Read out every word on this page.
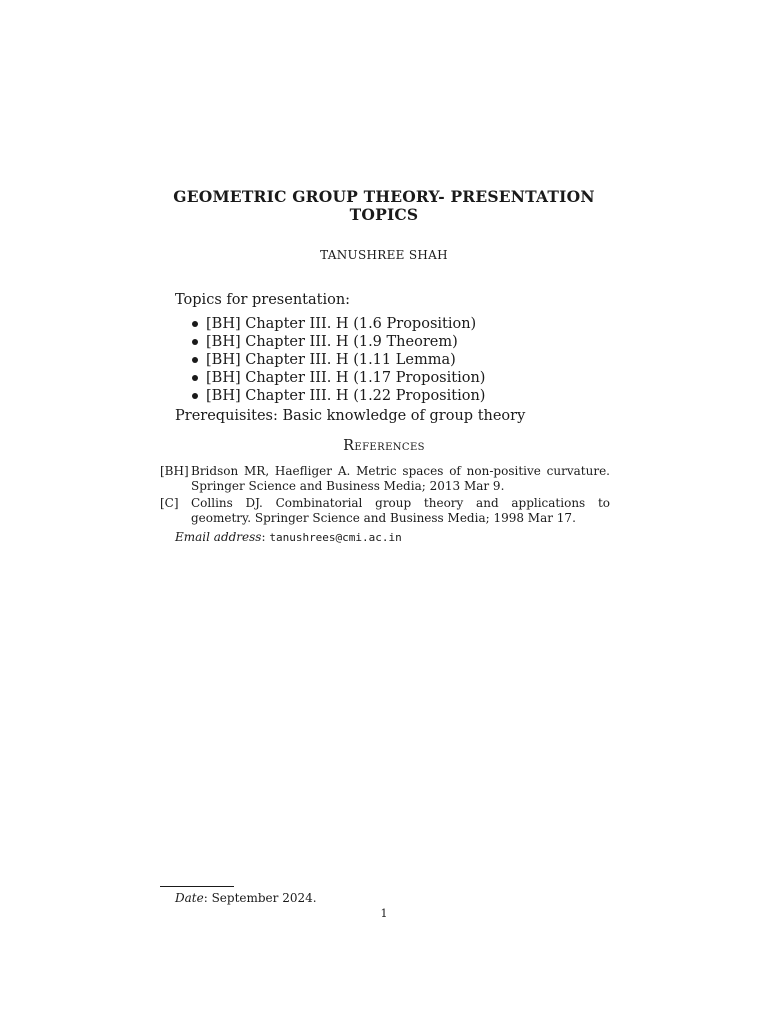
GEOMETRIC GROUP THEORY- PRESENTATION
TOPICS
TANUSHREE SHAH
Topics for presentation:
[BH] Chapter III. H (1.6 Proposition)
[BH] Chapter III. H (1.9 Theorem)
[BH] Chapter III. H (1.11 Lemma)
[BH] Chapter III. H (1.17 Proposition)
[BH] Chapter III. H (1.22 Proposition)
Prerequisites: Basic knowledge of group theory
References
[BH] Bridson MR, Haefliger A. Metric spaces of non-positive curvature. Springer Science and Business Media; 2013 Mar 9.
[C] Collins DJ. Combinatorial group theory and applications to geometry. Springer Science and Business Media; 1998 Mar 17.
Email address: tanushrees@cmi.ac.in
Date: September 2024.
1
